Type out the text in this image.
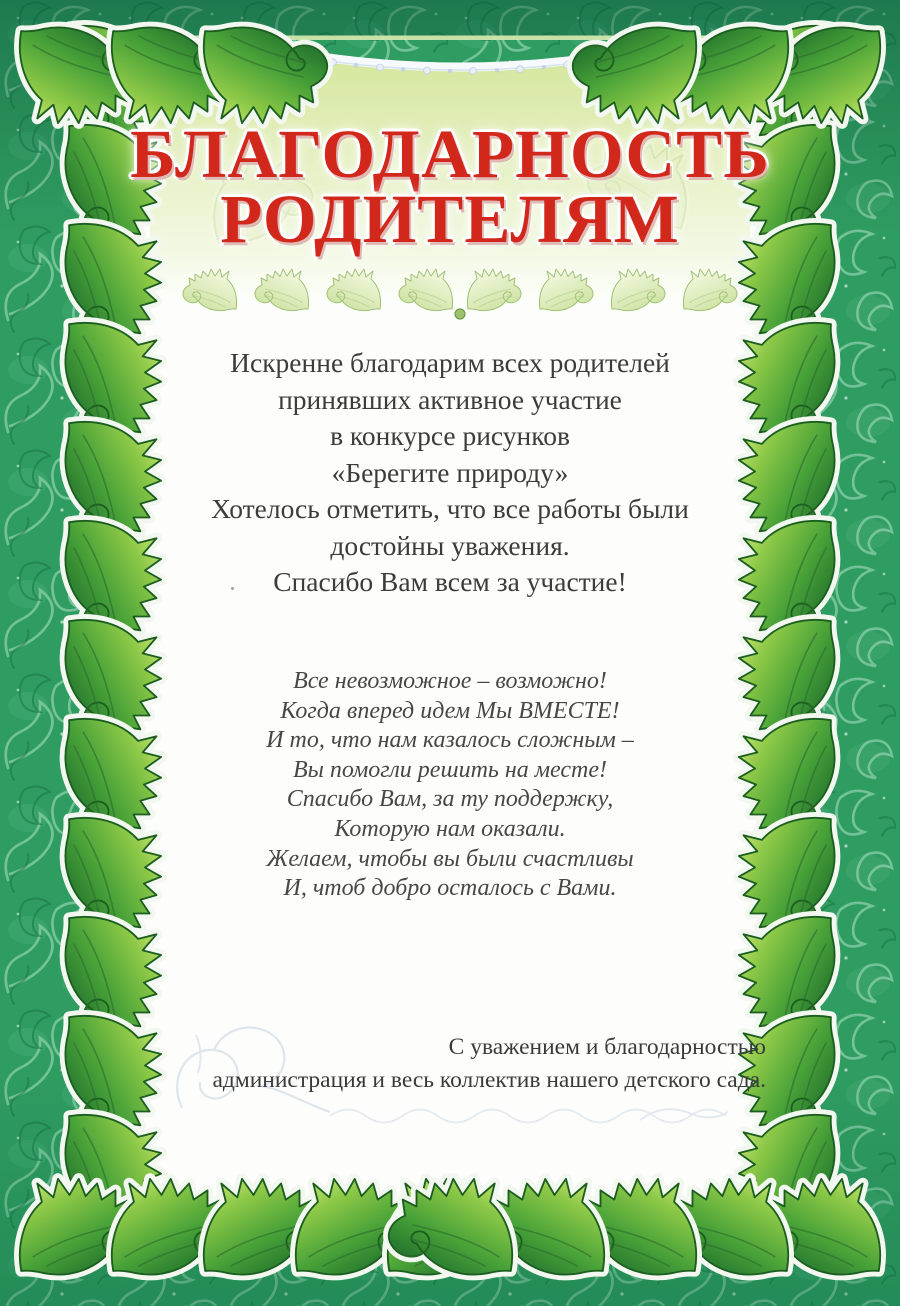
БЛАГОДАРНОСТЬ
РОДИТЕЛЯМ

Искренне благодарим всех родителей
принявших активное участие
в конкурсе рисунков
«Берегите природу»
Хотелось отметить, что все работы были
достойны уважения.
Спасибо Вам всем за участие!

Все невозможное – возможно!
Когда вперед идем Мы ВМЕСТЕ!
И то, что нам казалось сложным –
Вы помогли решить на месте!
Спасибо Вам, за ту поддержку,
Которую нам оказали.
Желаем, чтобы вы были счастливы
И, чтоб добро осталось с Вами.

С уважением и благодарностью
администрация и весь коллектив нашего детского сада.
